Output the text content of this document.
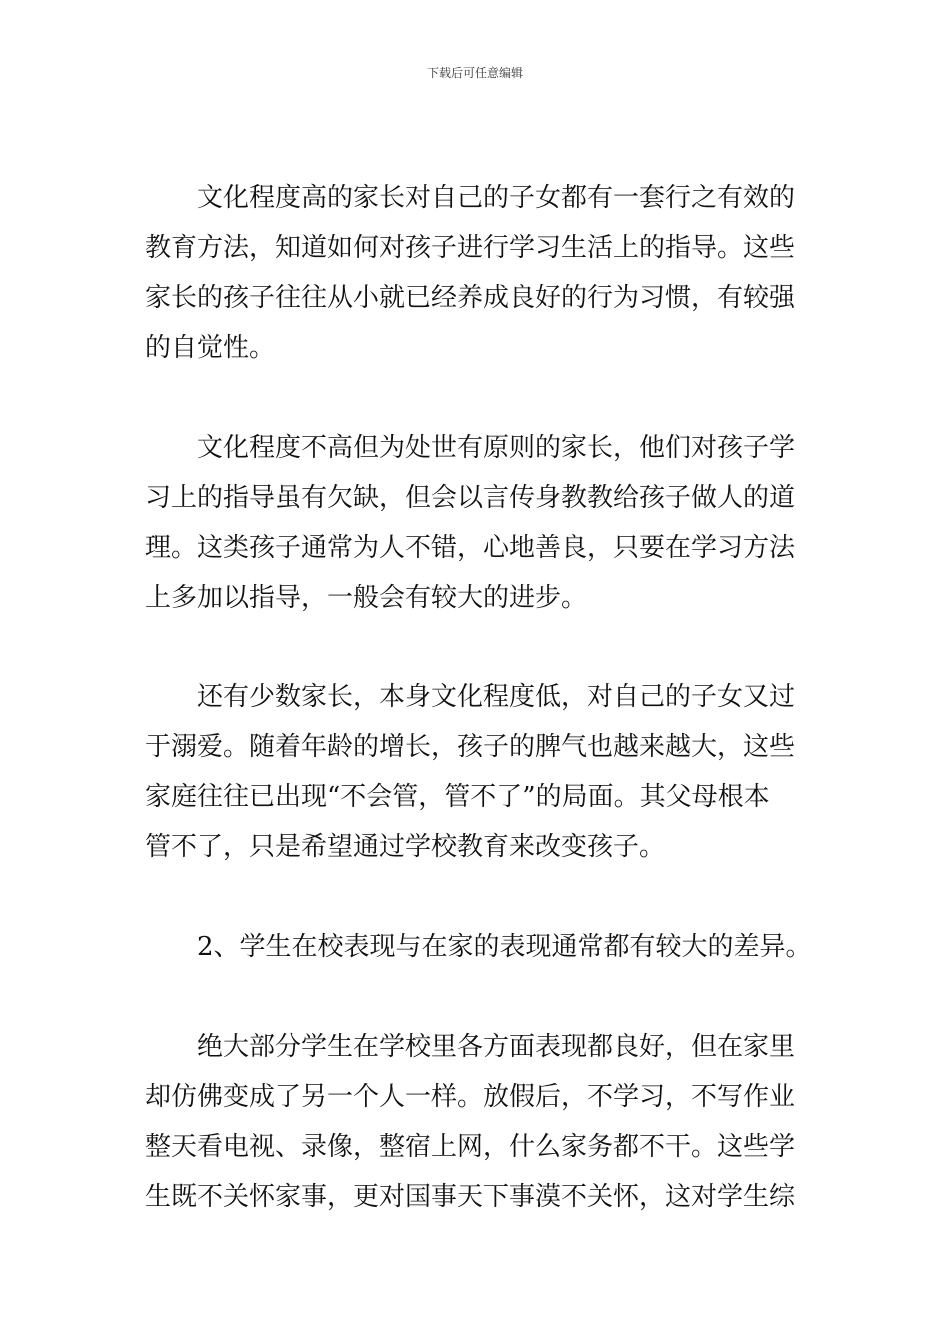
下载后可任意编辑
　　文化程度高的家长对自己的子女都有一套行之有效的
教育方法，知道如何对孩子进行学习生活上的指导。这些
家长的孩子往往从小就已经养成良好的行为习惯，有较强
的自觉性。
　　文化程度不高但为处世有原则的家长，他们对孩子学
习上的指导虽有欠缺，但会以言传身教教给孩子做人的道
理。这类孩子通常为人不错，心地善良，只要在学习方法
上多加以指导，一般会有较大的进步。
　　还有少数家长，本身文化程度低，对自己的子女又过
于溺爱。随着年龄的增长，孩子的脾气也越来越大，这些
家庭往往已出现“不会管，管不了”的局面。其父母根本
管不了，只是希望通过学校教育来改变孩子。
　　2、学生在校表现与在家的表现通常都有较大的差异。
　　绝大部分学生在学校里各方面表现都良好，但在家里
却仿佛变成了另一个人一样。放假后，不学习，不写作业
整天看电视、录像，整宿上网，什么家务都不干。这些学
生既不关怀家事，更对国事天下事漠不关怀，这对学生综
